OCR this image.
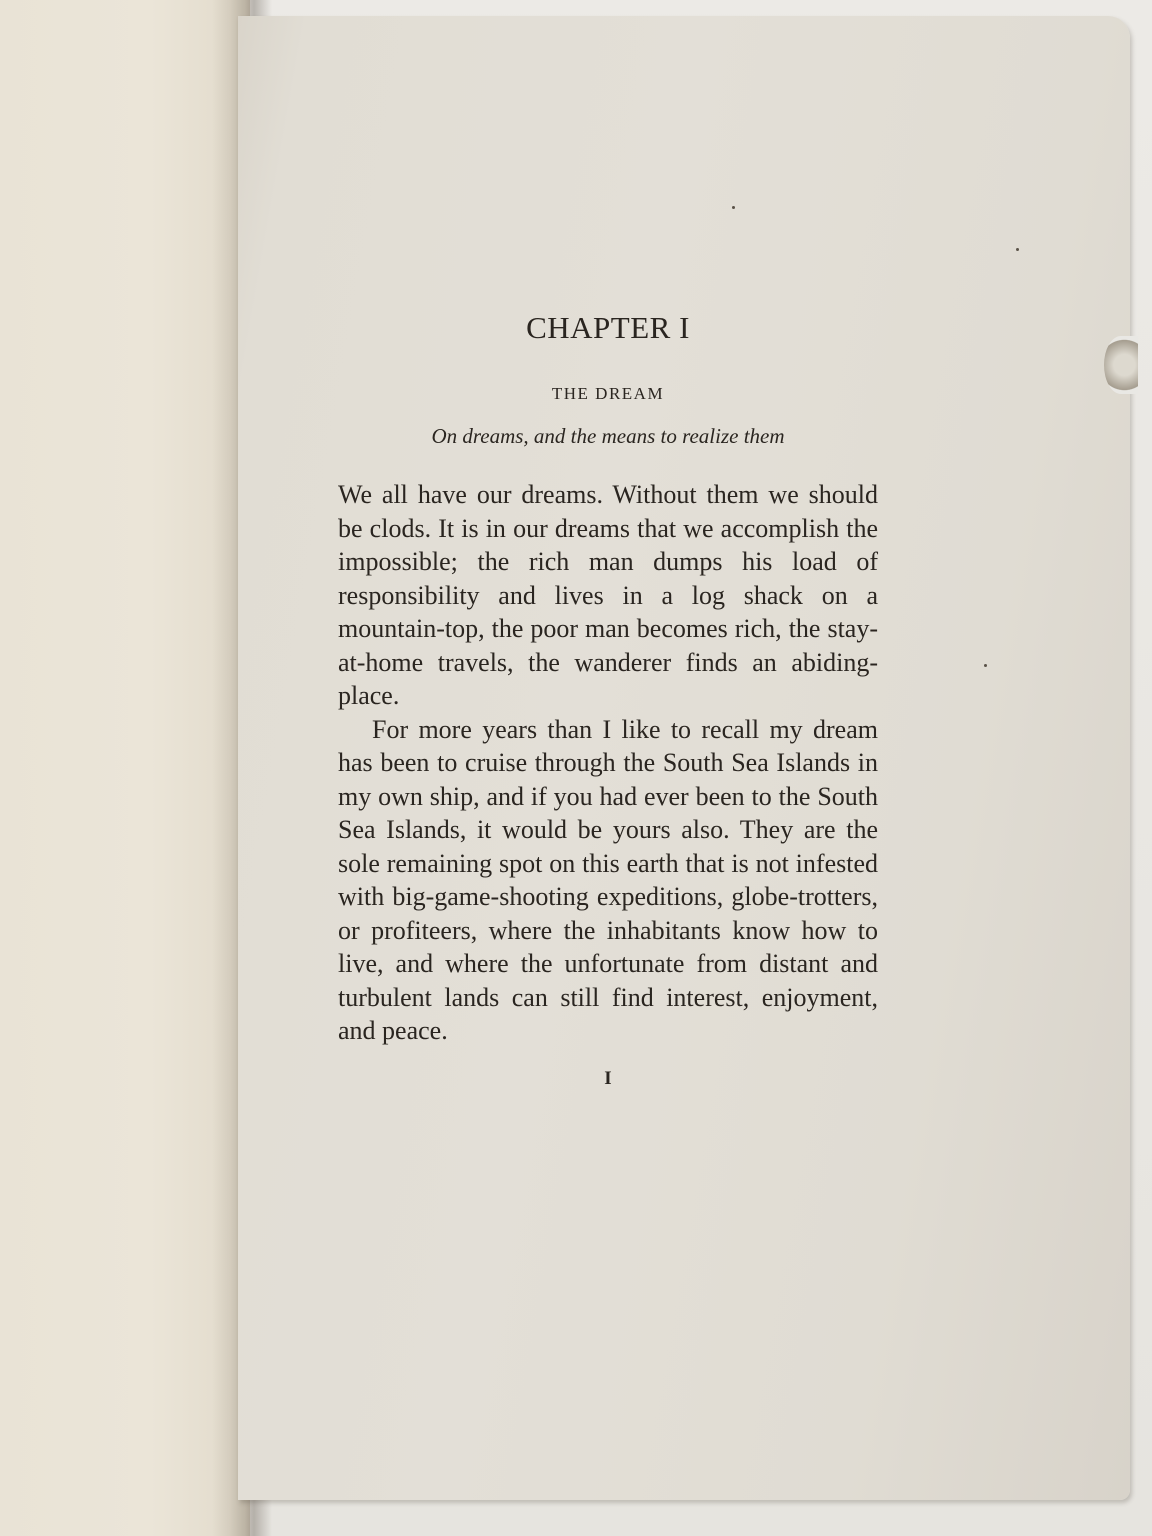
CHAPTER I
THE DREAM
On dreams, and the means to realize them

We all have our dreams. Without them we should be clods. It is in our dreams that we accomplish the impossible; the rich man dumps his load of responsibility and lives in a log shack on a mountain-top, the poor man becomes rich, the stay-at-home travels, the wanderer finds an abiding-place.

For more years than I like to recall my dream has been to cruise through the South Sea Islands in my own ship, and if you had ever been to the South Sea Islands, it would be yours also. They are the sole remaining spot on this earth that is not infested with big-game-shooting expeditions, globe-trotters, or profiteers, where the inhabitants know how to live, and where the unfortunate from distant and turbulent lands can still find interest, enjoyment, and peace.

I
